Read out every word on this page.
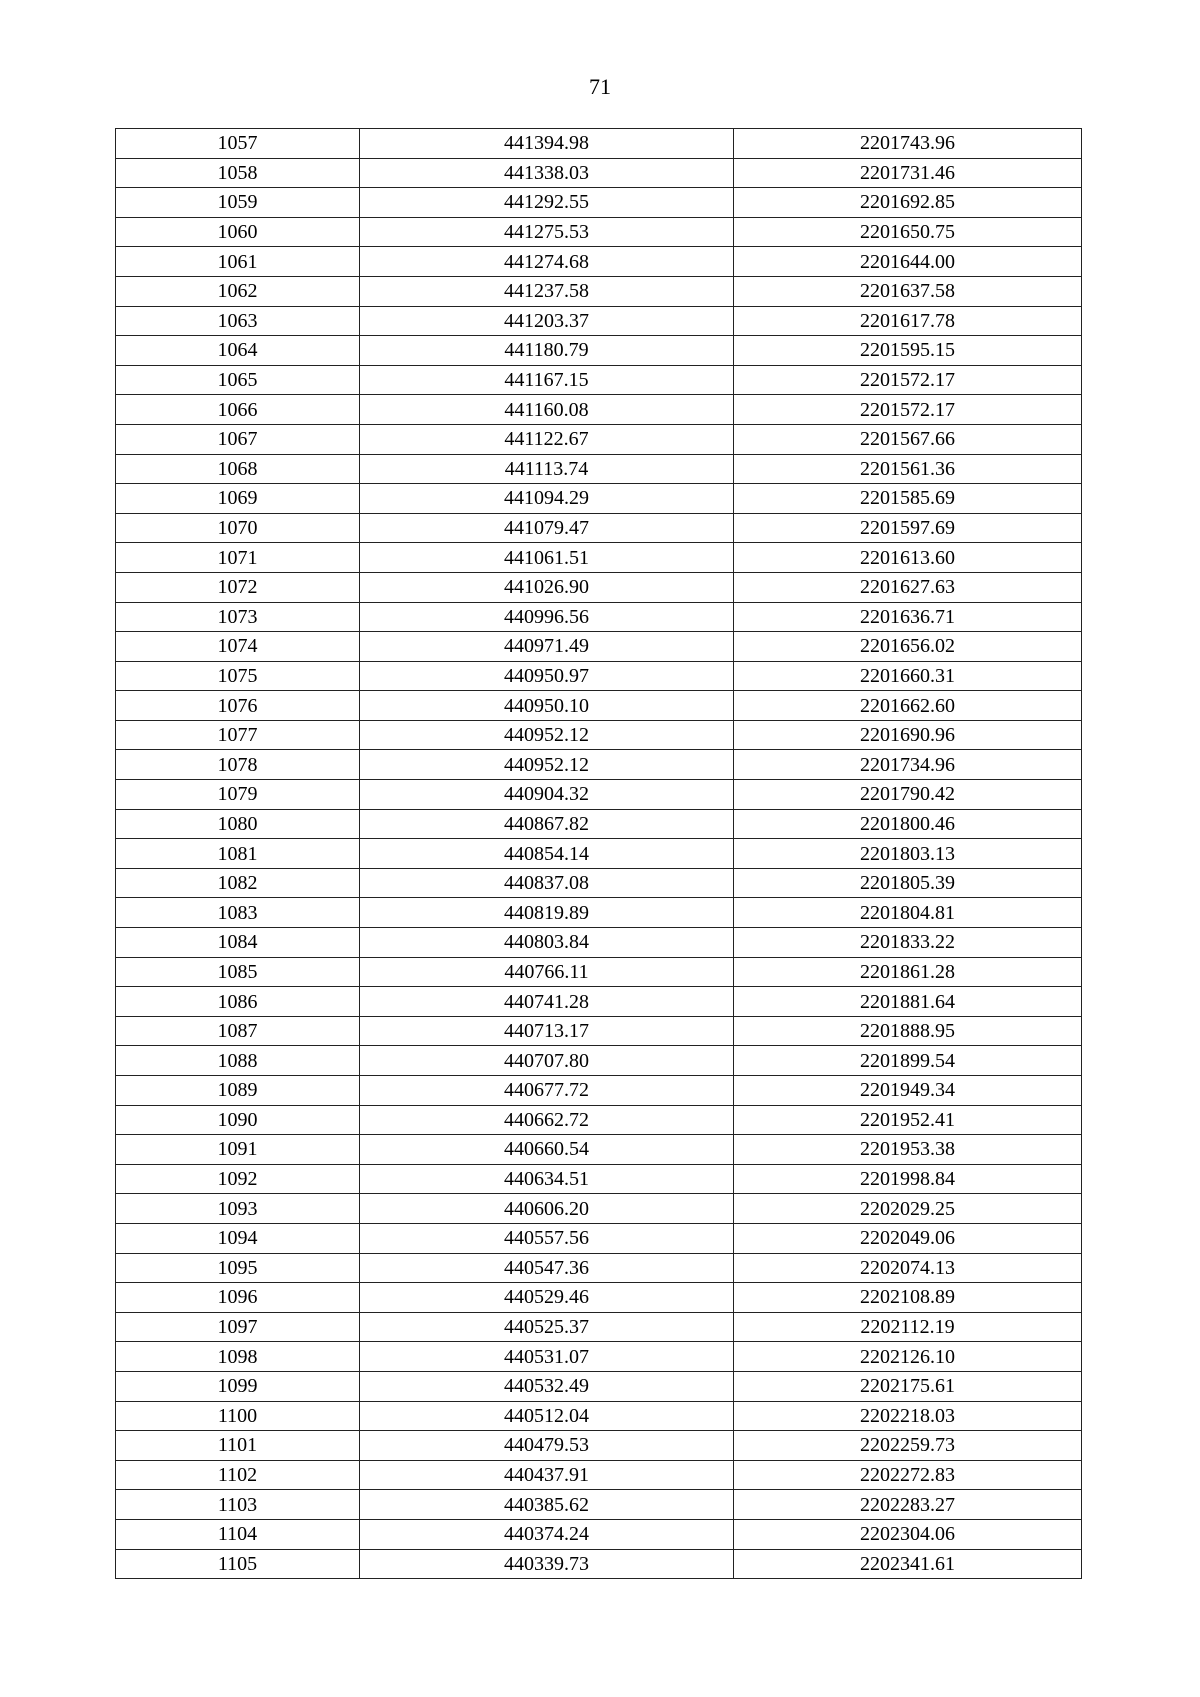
71
1057	441394.98	2201743.96
1058	441338.03	2201731.46
1059	441292.55	2201692.85
1060	441275.53	2201650.75
1061	441274.68	2201644.00
1062	441237.58	2201637.58
1063	441203.37	2201617.78
1064	441180.79	2201595.15
1065	441167.15	2201572.17
1066	441160.08	2201572.17
1067	441122.67	2201567.66
1068	441113.74	2201561.36
1069	441094.29	2201585.69
1070	441079.47	2201597.69
1071	441061.51	2201613.60
1072	441026.90	2201627.63
1073	440996.56	2201636.71
1074	440971.49	2201656.02
1075	440950.97	2201660.31
1076	440950.10	2201662.60
1077	440952.12	2201690.96
1078	440952.12	2201734.96
1079	440904.32	2201790.42
1080	440867.82	2201800.46
1081	440854.14	2201803.13
1082	440837.08	2201805.39
1083	440819.89	2201804.81
1084	440803.84	2201833.22
1085	440766.11	2201861.28
1086	440741.28	2201881.64
1087	440713.17	2201888.95
1088	440707.80	2201899.54
1089	440677.72	2201949.34
1090	440662.72	2201952.41
1091	440660.54	2201953.38
1092	440634.51	2201998.84
1093	440606.20	2202029.25
1094	440557.56	2202049.06
1095	440547.36	2202074.13
1096	440529.46	2202108.89
1097	440525.37	2202112.19
1098	440531.07	2202126.10
1099	440532.49	2202175.61
1100	440512.04	2202218.03
1101	440479.53	2202259.73
1102	440437.91	2202272.83
1103	440385.62	2202283.27
1104	440374.24	2202304.06
1105	440339.73	2202341.61
